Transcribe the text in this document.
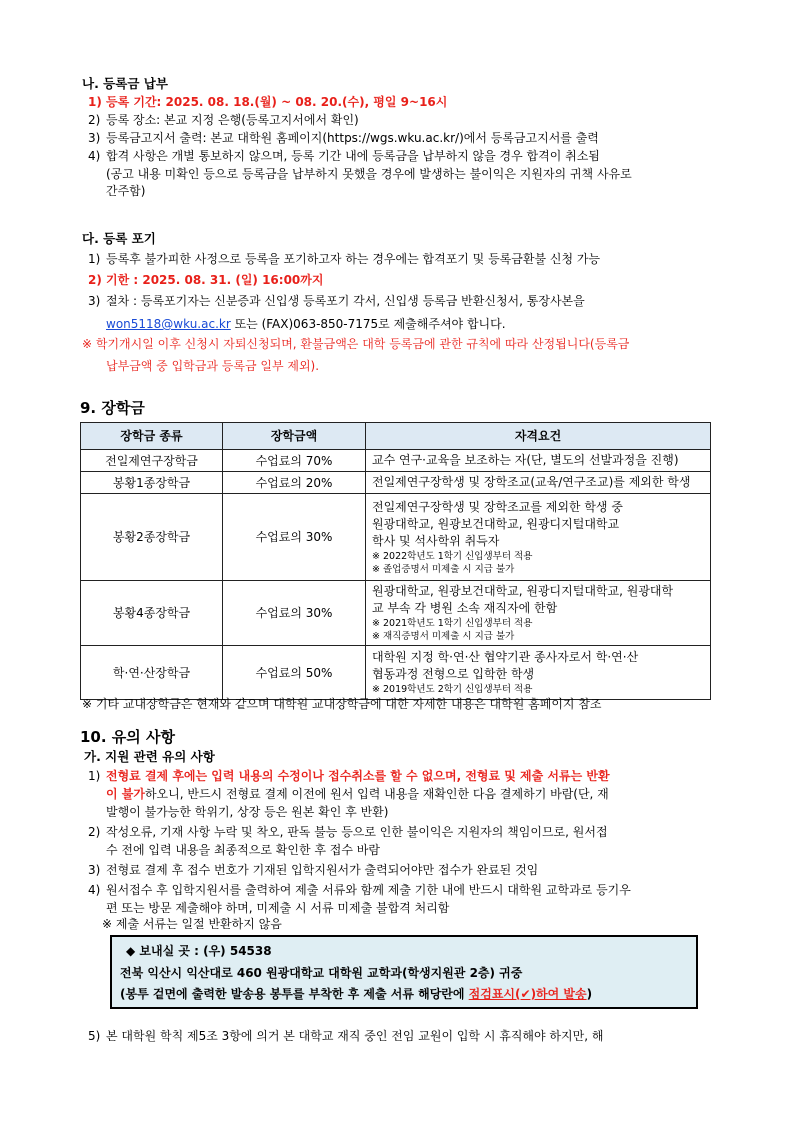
나. 등록금 납부
1) 등록 기간: 2025. 08. 18.(월) ~ 08. 20.(수), 평일 9~16시
2) 등록 장소: 본교 지정 은행(등록고지서에서 확인)
3) 등록금고지서 출력: 본교 대학원 홈페이지(https://wgs.wku.ac.kr/)에서 등록금고지서를 출력
4) 합격 사항은 개별 통보하지 않으며, 등록 기간 내에 등록금을 납부하지 않을 경우 합격이 취소됨
(공고 내용 미확인 등으로 등록금을 납부하지 못했을 경우에 발생하는 불이익은 지원자의 귀책 사유로
간주함)
다. 등록 포기
1) 등록후 불가피한 사정으로 등록을 포기하고자 하는 경우에는 합격포기 및 등록금환불 신청 가능
2) 기한 : 2025. 08. 31. (일) 16:00까지
3) 절차 : 등록포기자는 신분증과 신입생 등록포기 각서, 신입생 등록금 반환신청서, 통장사본을
won5118@wku.ac.kr 또는 (FAX)063-850-7175로 제출해주셔야 합니다.
※ 학기개시일 이후 신청시 자퇴신청되며, 환불금액은 대학 등록금에 관한 규칙에 따라 산정됩니다(등록금
납부금액 중 입학금과 등록금 일부 제외).
9. 장학금
장학금 종류	장학금액	자격요건
전일제연구장학금	수업료의 70%	교수 연구·교육을 보조하는 자(단, 별도의 선발과정을 진행)

봉황1종장학금	수업료의 20%	전일제연구장학생 및 장학조교(교육/연구조교)를 제외한 학생

봉황2종장학금	수업료의 30%	전일제연구장학생 및 장학조교를 제외한 학생 중
원광대학교, 원광보건대학교, 원광디지털대학교
학사 및 석사학위 취득자
※ 2022학년도 1학기 신입생부터 적용
※ 졸업증명서 미제출 시 지급 불가

봉황4종장학금	수업료의 30%	원광대학교, 원광보건대학교, 원광디지털대학교, 원광대학
교 부속 각 병원 소속 재직자에 한함
※ 2021학년도 1학기 신입생부터 적용
※ 재직증명서 미제출 시 지급 불가

학·연·산장학금	수업료의 50%	대학원 지정 학·연·산 협약기관 종사자로서 학·연·산
협동과정 전형으로 입학한 학생
※ 2019학년도 2학기 신입생부터 적용
※ 기타 교내장학금은 현재와 같으며 대학원 교내장학금에 대한 자세한 내용은 대학원 홈페이지 참조
10. 유의 사항
가. 지원 관련 유의 사항
1) 전형료 결제 후에는 입력 내용의 수정이나 접수취소를 할 수 없으며, 전형료 및 제출 서류는 반환
이 불가하오니, 반드시 전형료 결제 이전에 원서 입력 내용을 재확인한 다음 결제하기 바람(단, 재
발행이 불가능한 학위기, 상장 등은 원본 확인 후 반환)
2) 작성오류, 기재 사항 누락 및 착오, 판독 불능 등으로 인한 불이익은 지원자의 책임이므로, 원서접
수 전에 입력 내용을 최종적으로 확인한 후 접수 바람
3) 전형료 결제 후 접수 번호가 기재된 입학지원서가 출력되어야만 접수가 완료된 것임
4) 원서접수 후 입학지원서를 출력하여 제출 서류와 함께 제출 기한 내에 반드시 대학원 교학과로 등기우
편 또는 방문 제출해야 하며, 미제출 시 서류 미제출 불합격 처리함
※ 제출 서류는 일절 반환하지 않음
◆ 보내실 곳 : (우) 54538
전북 익산시 익산대로 460 원광대학교 대학원 교학과(학생지원관 2층) 귀중
(봉투 겉면에 출력한 발송용 봉투를 부착한 후 제출 서류 해당란에 점검표시(✔)하여 발송)
5) 본 대학원 학칙 제5조 3항에 의거 본 대학교 재직 중인 전임 교원이 입학 시 휴직해야 하지만, 해
